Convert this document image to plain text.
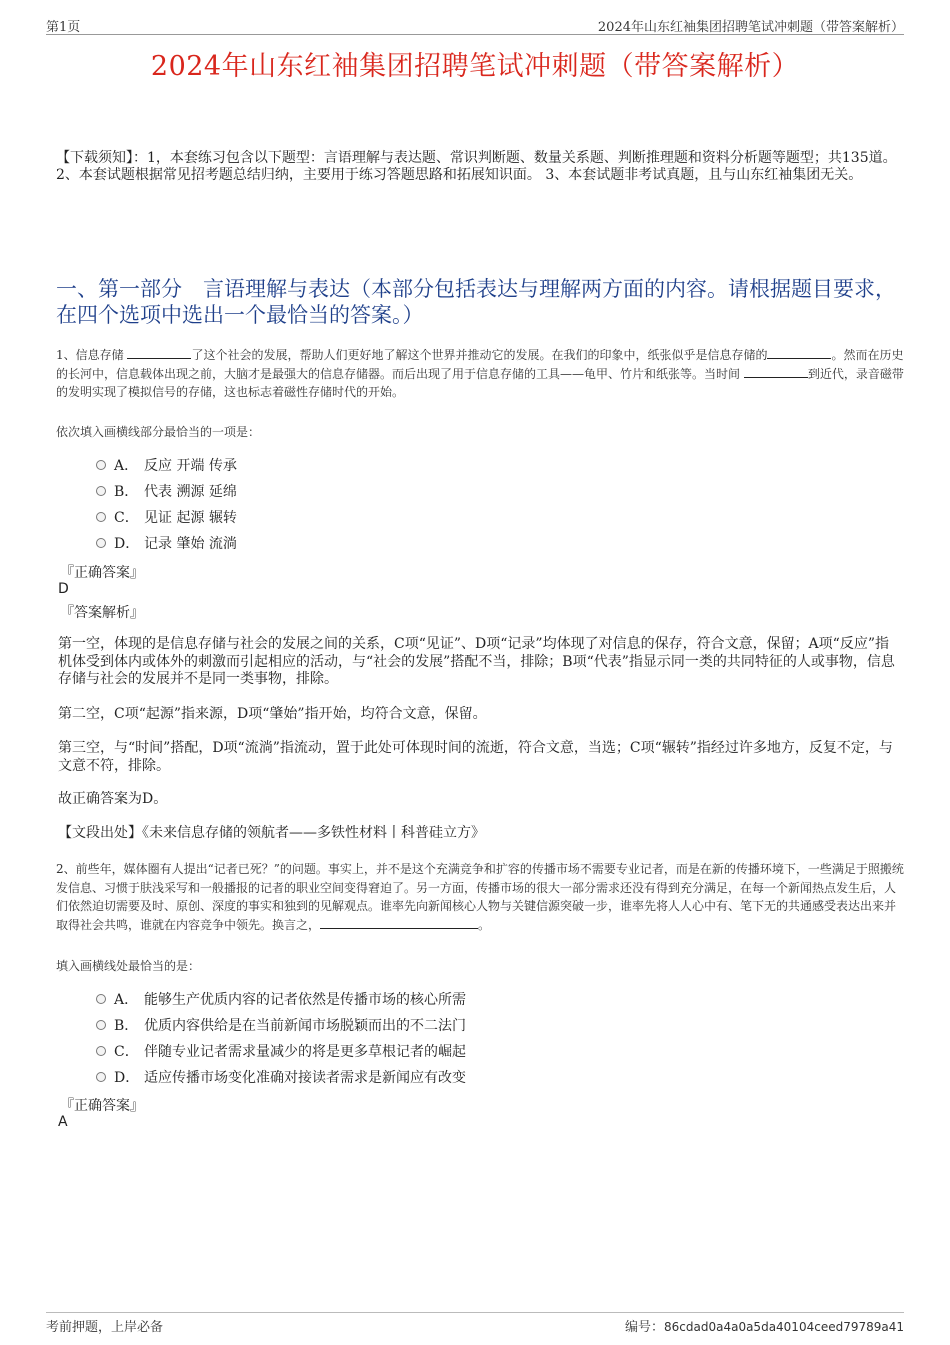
第1页	2024年山东红袖集团招聘笔试冲刺题（带答案解析）
2024年山东红袖集团招聘笔试冲刺题（带答案解析）
【下载须知】：1，本套练习包含以下题型：言语理解与表达题、常识判断题、数量关系题、判断推理题和资料分析题等题型；共135道。 2、本套试题根据常见招考题总结归纳，主要用于练习答题思路和拓展知识面。 3、本套试题非考试真题，且与山东红袖集团无关。
一、第一部分　言语理解与表达（本部分包括表达与理解两方面的内容。请根据题目要求，在四个选项中选出一个最恰当的答案。）
1、信息存储	了这个社会的发展，帮助人们更好地了解这个世界并推动它的发展。在我们的印象中，纸张似乎是信息存储的	。然而在历史的长河中，信息载体出现之前，大脑才是最强大的信息存储器。而后出现了用于信息存储的工具——龟甲、竹片和纸张等。当时间	到近代，录音磁带的发明实现了模拟信号的存储，这也标志着磁性存储时代的开始。
依次填入画横线部分最恰当的一项是：
A． 反应 开端 传承
B． 代表 溯源 延绵
C． 见证 起源 辗转
D． 记录 肇始 流淌
『正确答案』
D
『答案解析』
第一空，体现的是信息存储与社会的发展之间的关系，C项“见证”、D项“记录”均体现了对信息的保存，符合文意，保留；A项“反应”指机体受到体内或体外的刺激而引起相应的活动，与“社会的发展”搭配不当，排除；B项“代表”指显示同一类的共同特征的人或事物，信息存储与社会的发展并不是同一类事物，排除。
第二空，C项“起源”指来源，D项“肇始”指开始，均符合文意，保留。
第三空，与“时间”搭配，D项“流淌”指流动，置于此处可体现时间的流逝，符合文意，当选；C项“辗转”指经过许多地方，反复不定，与文意不符，排除。
故正确答案为D。
【文段出处】《未来信息存储的领航者——多铁性材料丨科普硅立方》
2、前些年，媒体圈有人提出“记者已死？”的问题。事实上，并不是这个充满竞争和扩容的传播市场不需要专业记者，而是在新的传播环境下，一些满足于照搬统发信息、习惯于肤浅采写和一般播报的记者的职业空间变得窘迫了。另一方面，传播市场的很大一部分需求还没有得到充分满足，在每一个新闻热点发生后，人们依然迫切需要及时、原创、深度的事实和独到的见解观点。谁率先向新闻核心人物与关键信源突破一步，谁率先将人人心中有、笔下无的共通感受表达出来并取得社会共鸣，谁就在内容竞争中领先。换言之，	。
填入画横线处最恰当的是：
A． 能够生产优质内容的记者依然是传播市场的核心所需
B． 优质内容供给是在当前新闻市场脱颖而出的不二法门
C． 伴随专业记者需求量减少的将是更多草根记者的崛起
D． 适应传播市场变化准确对接读者需求是新闻应有改变
『正确答案』
A
考前押题，上岸必备	编号：86cdad0a4a0a5da40104ceed79789a41
